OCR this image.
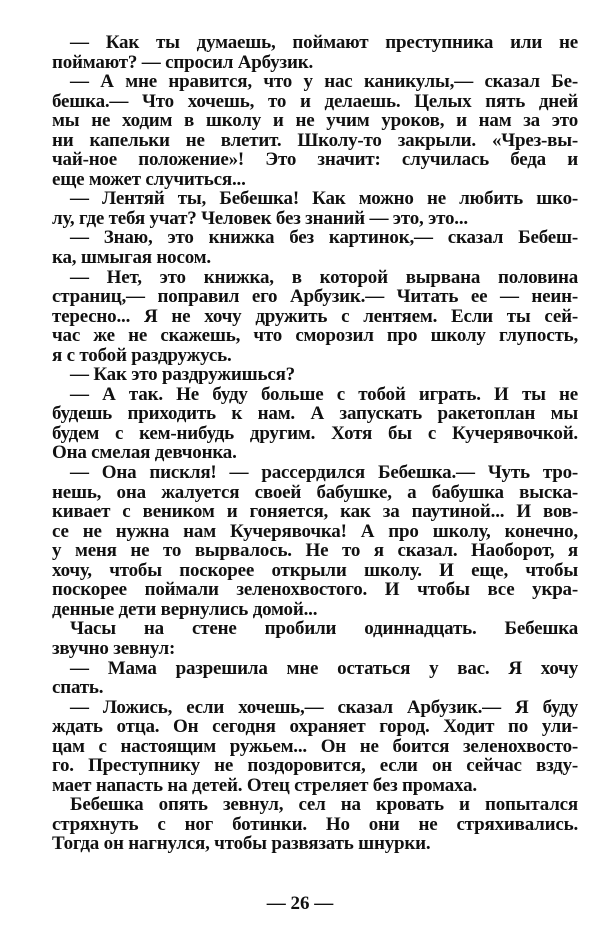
— Как ты думаешь, поймают преступника или не
поймают? — спросил Арбузик.
— А мне нравится, что у нас каникулы,— сказал Бе-
бешка.— Что хочешь, то и делаешь. Целых пять дней
мы не ходим в школу и не учим уроков, и нам за это
ни капельки не влетит. Школу-то закрыли. «Чрез-вы-
чай-ное положение»! Это значит: случилась беда и
еще может случиться...
— Лентяй ты, Бебешка! Как можно не любить шко-
лу, где тебя учат? Человек без знаний — это, это...
— Знаю, это книжка без картинок,— сказал Бебеш-
ка, шмыгая носом.
— Нет, это книжка, в которой вырвана половина
страниц,— поправил его Арбузик.— Читать ее — неин-
тересно... Я не хочу дружить с лентяем. Если ты сей-
час же не скажешь, что сморозил про школу глупость,
я с тобой раздружусь.
— Как это раздружишься?
— А так. Не буду больше с тобой играть. И ты не
будешь приходить к нам. А запускать ракетоплан мы
будем с кем-нибудь другим. Хотя бы с Кучерявочкой.
Она смелая девчонка.
— Она пискля! — рассердился Бебешка.— Чуть тро-
нешь, она жалуется своей бабушке, а бабушка выска-
кивает с веником и гоняется, как за паутиной... И вов-
се не нужна нам Кучерявочка! А про школу, конечно,
у меня не то вырвалось. Не то я сказал. Наоборот, я
хочу, чтобы поскорее открыли школу. И еще, чтобы
поскорее поймали зеленохвостого. И чтобы все укра-
денные дети вернулись домой...
Часы на стене пробили одиннадцать. Бебешка
звучно зевнул:
— Мама разрешила мне остаться у вас. Я хочу
спать.
— Ложись, если хочешь,— сказал Арбузик.— Я буду
ждать отца. Он сегодня охраняет город. Ходит по ули-
цам с настоящим ружьем... Он не боится зеленохвосто-
го. Преступнику не поздоровится, если он сейчас взду-
мает напасть на детей. Отец стреляет без промаха.
Бебешка опять зевнул, сел на кровать и попытался
стряхнуть с ног ботинки. Но они не стряхивались.
Тогда он нагнулся, чтобы развязать шнурки.
— 26 —
